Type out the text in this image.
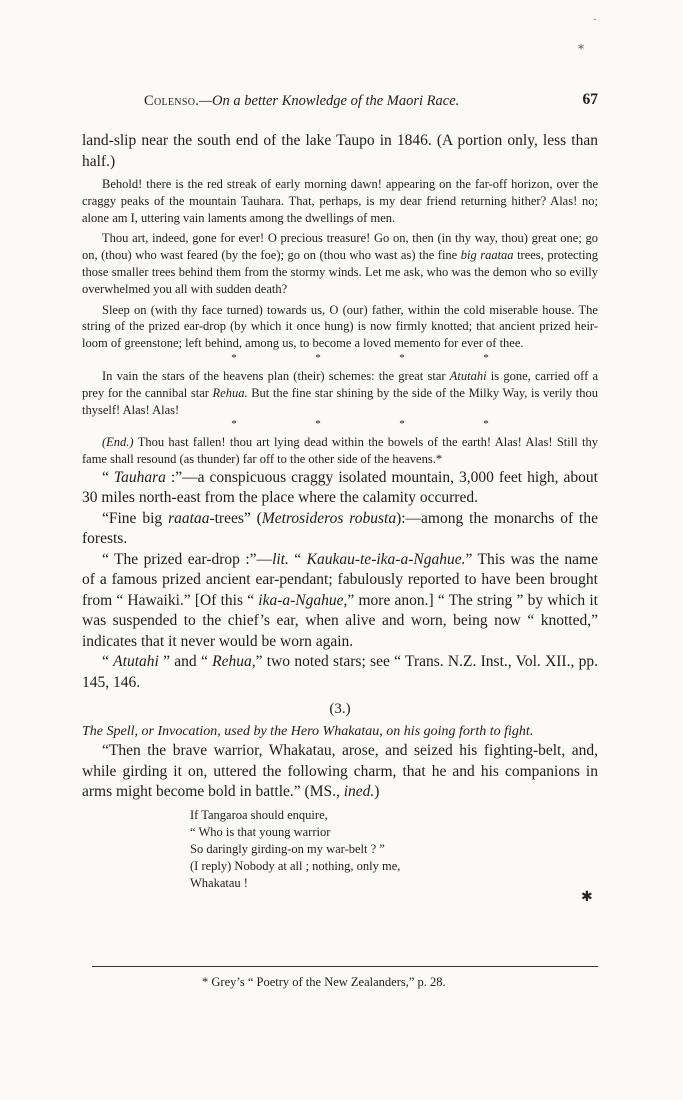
·
⁎
✱
Colenso.—On a better Knowledge of the Maori Race.	67

land-slip near the south end of the lake Taupo in 1846. (A portion only, less than half.)

Behold! there is the red streak of early morning dawn! appearing on the far-off horizon, over the craggy peaks of the mountain Tauhara. That, perhaps, is my dear friend returning hither? Alas! no; alone am I, uttering vain laments among the dwellings of men.

Thou art, indeed, gone for ever! O precious treasure! Go on, then (in thy way, thou) great one; go on, (thou) who wast feared (by the foe); go on (thou who wast as) the fine big raataa trees, protecting those smaller trees behind them from the stormy winds. Let me ask, who was the demon who so evilly overwhelmed you all with sudden death?

Sleep on (with thy face turned) towards us, O (our) father, within the cold miserable house. The string of the prized ear-drop (by which it once hung) is now firmly knotted; that ancient prized heir-loom of greenstone; left behind, among us, to become a loved memento for ever of thee.

*	*	*	*

In vain the stars of the heavens plan (their) schemes: the great star Atutahi is gone, carried off a prey for the cannibal star Rehua. But the fine star shining by the side of the Milky Way, is verily thou thyself! Alas! Alas!

*	*	*	*

(End.) Thou hast fallen! thou art lying dead within the bowels of the earth! Alas! Alas! Still thy fame shall resound (as thunder) far off to the other side of the heavens.*

“ Tauhara :”—a conspicuous craggy isolated mountain, 3,000 feet high, about 30 miles north-east from the place where the calamity occurred.

“Fine big raataa-trees” (Metrosideros robusta):—among the monarchs of the forests.

“ The prized ear-drop :”—lit. “ Kaukau-te-ika-a-Ngahue.” This was the name of a famous prized ancient ear-pendant; fabulously reported to have been brought from “ Hawaiki.” [Of this “ ika-a-Ngahue,” more anon.] “ The string ” by which it was suspended to the chief’s ear, when alive and worn, being now “ knotted,” indicates that it never would be worn again.

“ Atutahi ” and “ Rehua,” two noted stars; see “ Trans. N.Z. Inst., Vol. XII., pp. 145, 146.

(3.)

The Spell, or Invocation, used by the Hero Whakatau, on his going forth to fight.

“Then the brave warrior, Whakatau, arose, and seized his fighting-belt, and, while girding it on, uttered the following charm, that he and his companions in arms might become bold in battle.” (MS., ined.)

If Tangaroa should enquire,
“ Who is that young warrior
So daringly girding-on my war-belt ? ”
(I reply) Nobody at all ; nothing, only me,
Whakatau !
* Grey’s “ Poetry of the New Zealanders,” p. 28.
